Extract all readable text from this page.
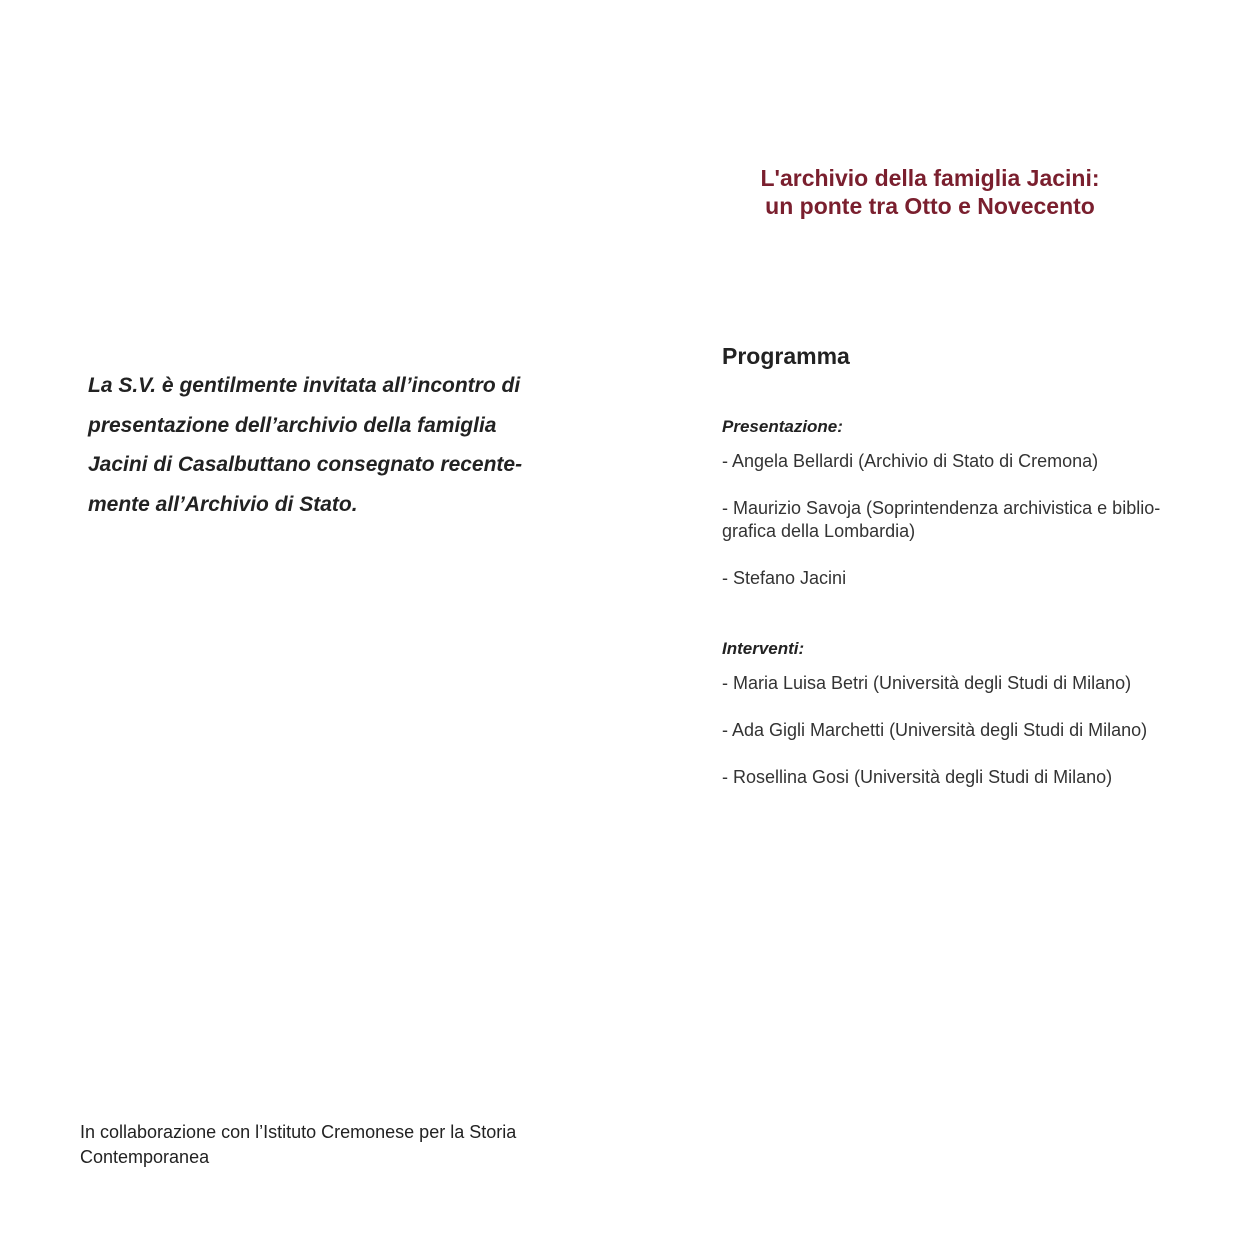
L'archivio della famiglia Jacini:
un ponte tra Otto e Novecento
La S.V. è gentilmente invitata all’incontro di
presentazione dell’archivio della famiglia
Jacini di Casalbuttano consegnato recente-
mente all’Archivio di Stato.
Programma
Presentazione:
- Angela Bellardi (Archivio di Stato di Cremona)
- Maurizio Savoja (Soprintendenza archivistica e biblio-
grafica della Lombardia)
- Stefano Jacini
Interventi:
- Maria Luisa Betri (Università degli Studi di Milano)
- Ada Gigli Marchetti (Università degli Studi di Milano)
- Rosellina Gosi (Università degli Studi di Milano)
In collaborazione con l’Istituto Cremonese per la Storia
Contemporanea
